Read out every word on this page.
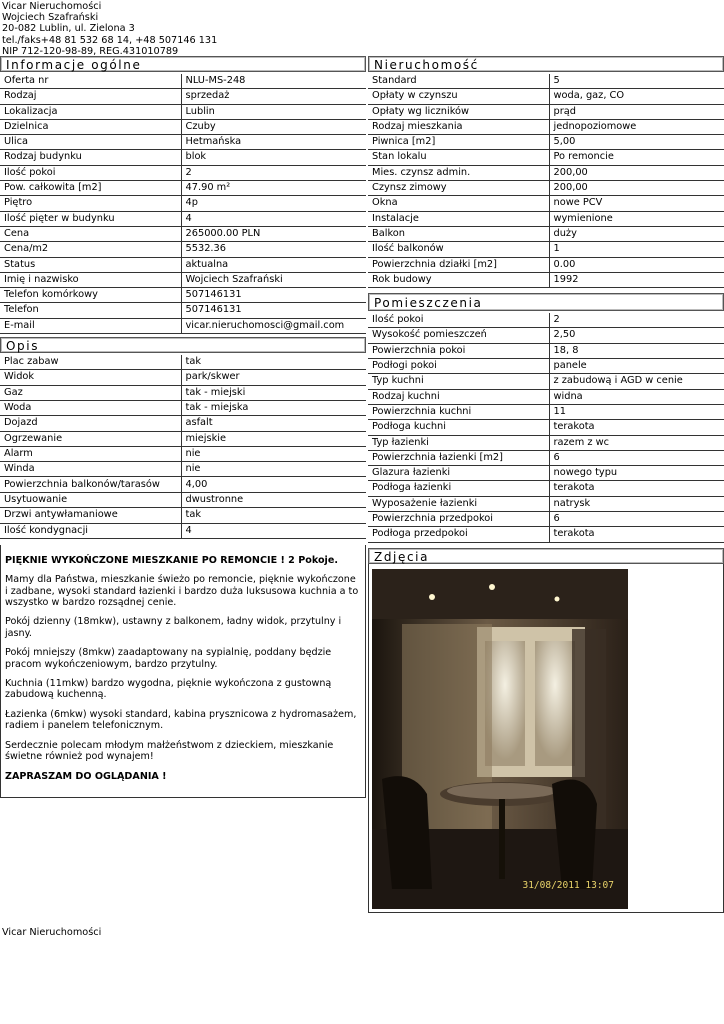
Vicar Nieruchomości
Wojciech Szafrański
20-082 Lublin, ul. Zielona 3
tel./faks+48 81 532 68 14, +48 507146 131
NIP 712-120-98-89, REG.431010789
Informacje ogólne
Oferta nr	NLU-MS-248
Rodzaj	sprzedaż
Lokalizacja	Lublin
Dzielnica	Czuby
Ulica	Hetmańska
Rodzaj budynku	blok
Ilość pokoi	2
Pow. całkowita [m2]	47.90 m²
Piętro	4p
Ilość pięter w budynku	4
Cena	265000.00 PLN
Cena/m2	5532.36
Status	aktualna
Imię i nazwisko	Wojciech Szafrański
Telefon komórkowy	507146131
Telefon	507146131
E-mail	vicar.nieruchomosci@gmail.com
Opis
Plac zabaw	tak
Widok	park/skwer
Gaz	tak - miejski
Woda	tak - miejska
Dojazd	asfalt
Ogrzewanie	miejskie
Alarm	nie
Winda	nie
Powierzchnia balkonów/tarasów	4,00
Usytuowanie	dwustronne
Drzwi antywłamaniowe	tak
Ilość kondygnacji	4

PIĘKNIE WYKOŃCZONE MIESZKANIE PO REMONCIE ! 2 Pokoje.

Mamy dla Państwa, mieszkanie świeżo po remoncie, pięknie wykończone i zadbane, wysoki standard łazienki i bardzo duża luksusowa kuchnia a to wszystko w bardzo rozsądnej cenie.

Pokój dzienny (18mkw), ustawny z balkonem, ładny widok, przytulny i jasny.

Pokój mniejszy (8mkw) zaadaptowany na sypialnię, poddany będzie pracom wykończeniowym, bardzo przytulny.

Kuchnia (11mkw) bardzo wygodna, pięknie wykończona z gustowną zabudową kuchenną.

Łazienka (6mkw) wysoki standard, kabina prysznicowa z hydromasażem, radiem i panelem telefonicznym.

Serdecznie polecam młodym małżeństwom z dzieckiem, mieszkanie świetne również pod wynajem!

ZAPRASZAM DO OGLĄDANIA !

Nieruchomość
Standard	5
Opłaty w czynszu	woda, gaz, CO
Opłaty wg liczników	prąd
Rodzaj mieszkania	jednopoziomowe
Piwnica [m2]	5,00
Stan lokalu	Po remoncie
Mies. czynsz admin.	200,00
Czynsz zimowy	200,00
Okna	nowe PCV
Instalacje	wymienione
Balkon	duży
Ilość balkonów	1
Powierzchnia działki [m2]	0.00
Rok budowy	1992
Pomieszczenia
Ilość pokoi	2
Wysokość pomieszczeń	2,50
Powierzchnia pokoi	18, 8
Podłogi pokoi	panele
Typ kuchni	z zabudową i AGD w cenie
Rodzaj kuchni	widna
Powierzchnia kuchni	11
Podłoga kuchni	terakota
Typ łazienki	razem z wc
Powierzchnia łazienki [m2]	6
Glazura łazienki	nowego typu
Podłoga łazienki	terakota
Wyposażenie łazienki	natrysk
Powierzchnia przedpokoi	6
Podłoga przedpokoi	terakota
Zdjęcia
31/08/2011 13:07
Vicar Nieruchomości
